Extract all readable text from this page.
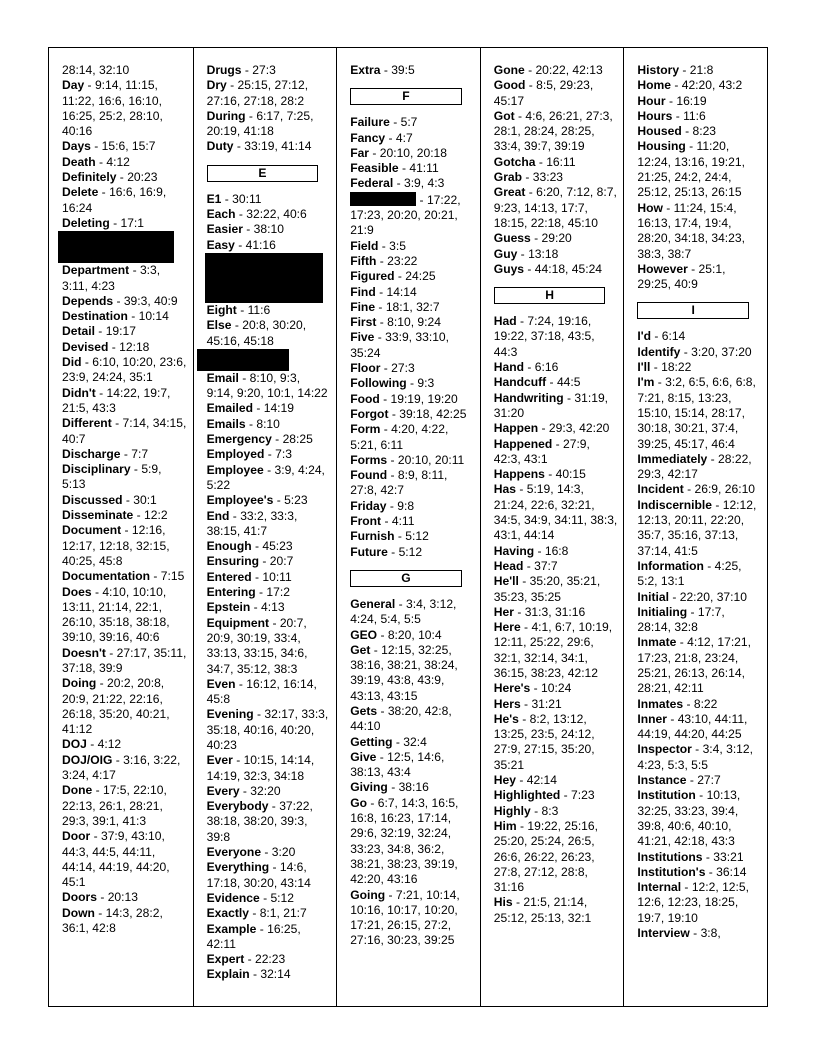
28:14, 32:10

Day - 9:14, 11:15, 11:22, 16:6, 16:10, 16:25, 25:2, 28:10, 40:16

Days - 15:6, 15:7

Death - 4:12

Definitely - 20:23

Delete - 16:6, 16:9, 16:24

Deleting - 17:1

Department - 3:3, 3:11, 4:23

Depends - 39:3, 40:9

Destination - 10:14

Detail - 19:17

Devised - 12:18

Did - 6:10, 10:20, 23:6, 23:9, 24:24, 35:1

Didn't - 14:22, 19:7, 21:5, 43:3

Different - 7:14, 34:15, 40:7

Discharge - 7:7

Disciplinary - 5:9, 5:13

Discussed - 30:1

Disseminate - 12:2

Document - 12:16, 12:17, 12:18, 32:15, 40:25, 45:8

Documentation - 7:15

Does - 4:10, 10:10, 13:11, 21:14, 22:1, 26:10, 35:18, 38:18, 39:10, 39:16, 40:6

Doesn't - 27:17, 35:11, 37:18, 39:9

Doing - 20:2, 20:8, 20:9, 21:22, 22:16, 26:18, 35:20, 40:21, 41:12

DOJ - 4:12

DOJ/OIG - 3:16, 3:22, 3:24, 4:17

Done - 17:5, 22:10, 22:13, 26:1, 28:21, 29:3, 39:1, 41:3

Door - 37:9, 43:10, 44:3, 44:5, 44:11, 44:14, 44:19, 44:20, 45:1

Doors - 20:13

Down - 14:3, 28:2, 36:1, 42:8

Drugs - 27:3

Dry - 25:15, 27:12, 27:16, 27:18, 28:2

During - 6:17, 7:25, 20:19, 41:18

Duty - 33:19, 41:14

E

E1 - 30:11

Each - 32:22, 40:6

Easier - 38:10

Easy - 41:16

Eight - 11:6

Else - 20:8, 30:20, 45:16, 45:18

Email - 8:10, 9:3, 9:14, 9:20, 10:1, 14:22

Emailed - 14:19

Emails - 8:10

Emergency - 28:25

Employed - 7:3

Employee - 3:9, 4:24, 5:22

Employee's - 5:23

End - 33:2, 33:3, 38:15, 41:7

Enough - 45:23

Ensuring - 20:7

Entered - 10:11

Entering - 17:2

Epstein - 4:13

Equipment - 20:7, 20:9, 30:19, 33:4, 33:13, 33:15, 34:6, 34:7, 35:12, 38:3

Even - 16:12, 16:14, 45:8

Evening - 32:17, 33:3, 35:18, 40:16, 40:20, 40:23

Ever - 10:15, 14:14, 14:19, 32:3, 34:18

Every - 32:20

Everybody - 37:22, 38:18, 38:20, 39:3, 39:8

Everyone - 3:20

Everything - 14:6, 17:18, 30:20, 43:14

Evidence - 5:12

Exactly - 8:1, 21:7

Example - 16:25, 42:11

Expert - 22:23

Explain - 32:14

Extra - 39:5

F

Failure - 5:7

Fancy - 4:7

Far - 20:10, 20:18

Feasible - 41:11

Federal - 3:9, 4:3

- 17:22, 17:23, 20:20, 20:21, 21:9

Field - 3:5

Fifth - 23:22

Figured - 24:25

Find - 14:14

Fine - 18:1, 32:7

First - 8:10, 9:24

Five - 33:9, 33:10, 35:24

Floor - 27:3

Following - 9:3

Food - 19:19, 19:20

Forgot - 39:18, 42:25

Form - 4:20, 4:22, 5:21, 6:11

Forms - 20:10, 20:11

Found - 8:9, 8:11, 27:8, 42:7

Friday - 9:8

Front - 4:11

Furnish - 5:12

Future - 5:12

G

General - 3:4, 3:12, 4:24, 5:4, 5:5

GEO - 8:20, 10:4

Get - 12:15, 32:25, 38:16, 38:21, 38:24, 39:19, 43:8, 43:9, 43:13, 43:15

Gets - 38:20, 42:8, 44:10

Getting - 32:4

Give - 12:5, 14:6, 38:13, 43:4

Giving - 38:16

Go - 6:7, 14:3, 16:5, 16:8, 16:23, 17:14, 29:6, 32:19, 32:24, 33:23, 34:8, 36:2, 38:21, 38:23, 39:19, 42:20, 43:16

Going - 7:21, 10:14, 10:16, 10:17, 10:20, 17:21, 26:15, 27:2, 27:16, 30:23, 39:25

Gone - 20:22, 42:13

Good - 8:5, 29:23, 45:17

Got - 4:6, 26:21, 27:3, 28:1, 28:24, 28:25, 33:4, 39:7, 39:19

Gotcha - 16:11

Grab - 33:23

Great - 6:20, 7:12, 8:7, 9:23, 14:13, 17:7, 18:15, 22:18, 45:10

Guess - 29:20

Guy - 13:18

Guys - 44:18, 45:24

H

Had - 7:24, 19:16, 19:22, 37:18, 43:5, 44:3

Hand - 6:16

Handcuff - 44:5

Handwriting - 31:19, 31:20

Happen - 29:3, 42:20

Happened - 27:9, 42:3, 43:1

Happens - 40:15

Has - 5:19, 14:3, 21:24, 22:6, 32:21, 34:5, 34:9, 34:11, 38:3, 43:1, 44:14

Having - 16:8

Head - 37:7

He'll - 35:20, 35:21, 35:23, 35:25

Her - 31:3, 31:16

Here - 4:1, 6:7, 10:19, 12:11, 25:22, 29:6, 32:1, 32:14, 34:1, 36:15, 38:23, 42:12

Here's - 10:24

Hers - 31:21

He's - 8:2, 13:12, 13:25, 23:5, 24:12, 27:9, 27:15, 35:20, 35:21

Hey - 42:14

Highlighted - 7:23

Highly - 8:3

Him - 19:22, 25:16, 25:20, 25:24, 26:5, 26:6, 26:22, 26:23, 27:8, 27:12, 28:8, 31:16

His - 21:5, 21:14, 25:12, 25:13, 32:1

History - 21:8

Home - 42:20, 43:2

Hour - 16:19

Hours - 11:6

Housed - 8:23

Housing - 11:20, 12:24, 13:16, 19:21, 21:25, 24:2, 24:4, 25:12, 25:13, 26:15

How - 11:24, 15:4, 16:13, 17:4, 19:4, 28:20, 34:18, 34:23, 38:3, 38:7

However - 25:1, 29:25, 40:9

I

I'd - 6:14

Identify - 3:20, 37:20

I'll - 18:22

I'm - 3:2, 6:5, 6:6, 6:8, 7:21, 8:15, 13:23, 15:10, 15:14, 28:17, 30:18, 30:21, 37:4, 39:25, 45:17, 46:4

Immediately - 28:22, 29:3, 42:17

Incident - 26:9, 26:10

Indiscernible - 12:12, 12:13, 20:11, 22:20, 35:7, 35:16, 37:13, 37:14, 41:5

Information - 4:25, 5:2, 13:1

Initial - 22:20, 37:10

Initialing - 17:7, 28:14, 32:8

Inmate - 4:12, 17:21, 17:23, 21:8, 23:24, 25:21, 26:13, 26:14, 28:21, 42:11

Inmates - 8:22

Inner - 43:10, 44:11, 44:19, 44:20, 44:25

Inspector - 3:4, 3:12, 4:23, 5:3, 5:5

Instance - 27:7

Institution - 10:13, 32:25, 33:23, 39:4, 39:8, 40:6, 40:10, 41:21, 42:18, 43:3

Institutions - 33:21

Institution's - 36:14

Internal - 12:2, 12:5, 12:6, 12:23, 18:25, 19:7, 19:10

Interview - 3:8,
